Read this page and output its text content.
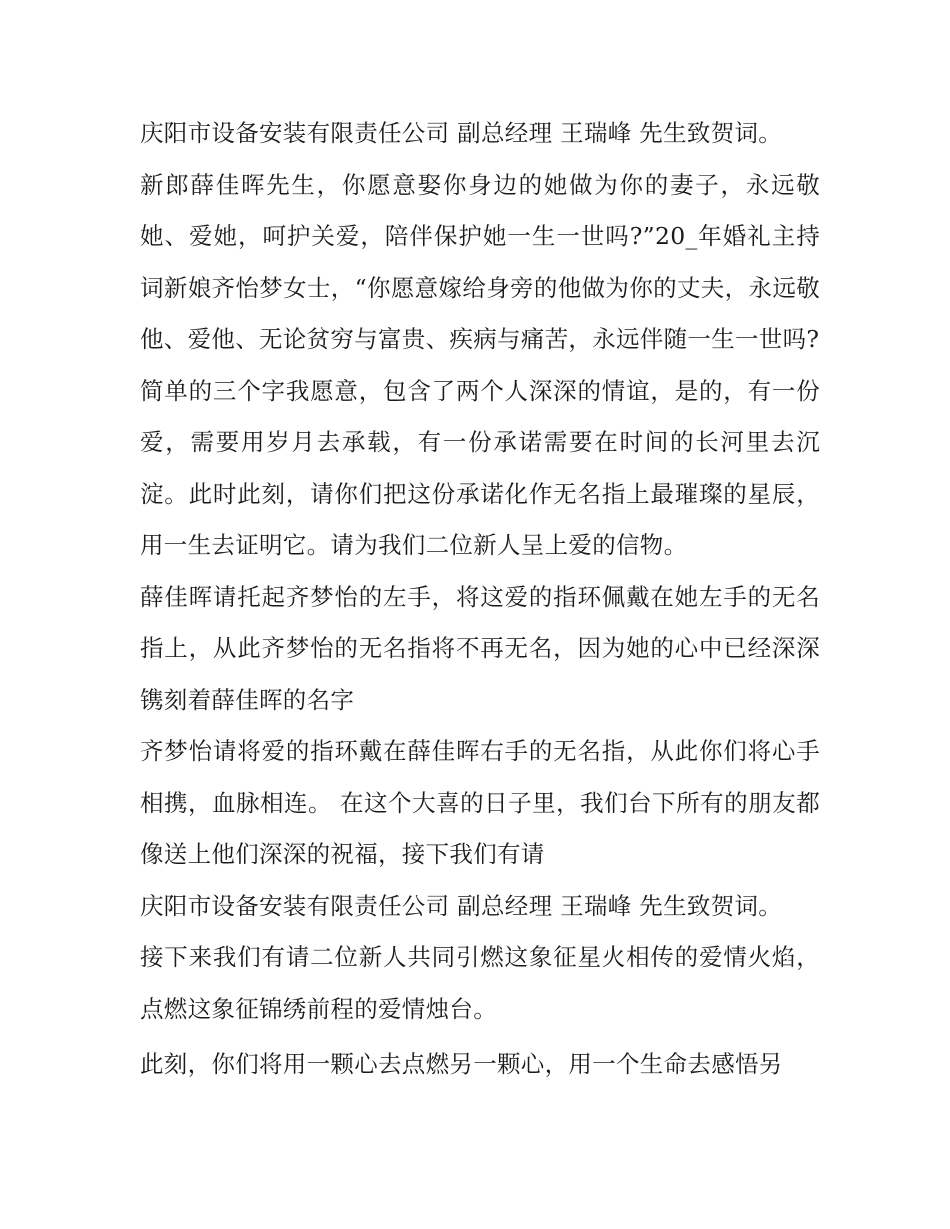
庆阳市设备安装有限责任公司 副总经理 王瑞峰 先生致贺词。

新郎薛佳晖先生，你愿意娶你身边的她做为你的妻子，永远敬她、爱她，呵护关爱，陪伴保护她一生一世吗?”20_年婚礼主持词新娘齐怡梦女士，“你愿意嫁给身旁的他做为你的丈夫，永远敬他、爱他、无论贫穷与富贵、疾病与痛苦，永远伴随一生一世吗?

简单的三个字我愿意，包含了两个人深深的情谊，是的，有一份爱，需要用岁月去承载，有一份承诺需要在时间的长河里去沉淀。此时此刻，请你们把这份承诺化作无名指上最璀璨的星辰，用一生去证明它。请为我们二位新人呈上爱的信物。

薛佳晖请托起齐梦怡的左手，将这爱的指环佩戴在她左手的无名指上，从此齐梦怡的无名指将不再无名，因为她的心中已经深深镌刻着薛佳晖的名字

齐梦怡请将爱的指环戴在薛佳晖右手的无名指，从此你们将心手相携，血脉相连。 在这个大喜的日子里，我们台下所有的朋友都像送上他们深深的祝福，接下我们有请

庆阳市设备安装有限责任公司 副总经理 王瑞峰 先生致贺词。

接下来我们有请二位新人共同引燃这象征星火相传的爱情火焰，点燃这象征锦绣前程的爱情烛台。

此刻，你们将用一颗心去点燃另一颗心，用一个生命去感悟另
